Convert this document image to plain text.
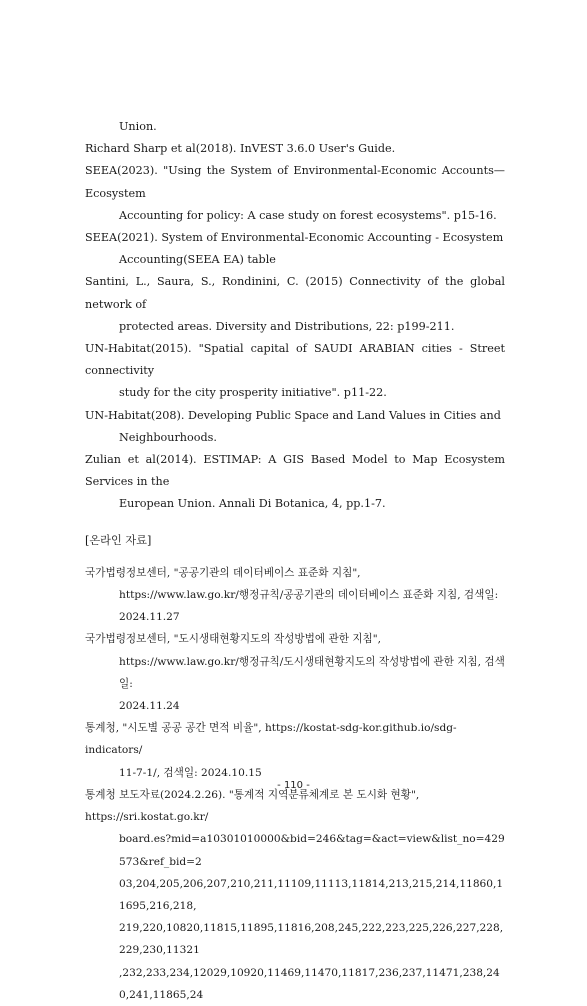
Union.
Richard Sharp et al(2018). InVEST 3.6.0 User's Guide.
SEEA(2023). "Using the System of Environmental-Economic Accounts—Ecosystem
Accounting for policy: A case study on forest ecosystems". p15-16.
SEEA(2021). System of Environmental-Economic Accounting - Ecosystem
Accounting(SEEA EA) table
Santini, L., Saura, S., Rondinini, C. (2015) Connectivity of the global network of
protected areas. Diversity and Distributions, 22: p199-211.
UN-Habitat(2015). "Spatial capital of SAUDI ARABIAN cities - Street connectivity
study for the city prosperity initiative". p11-22.
UN-Habitat(208). Developing Public Space and Land Values in Cities and
Neighbourhoods.
Zulian et al(2014). ESTIMAP: A GIS Based Model to Map Ecosystem Services in the
European Union. Annali Di Botanica, 4, pp.1-7.
[온라인 자료]
국가법령정보센터, "공공기관의 데이터베이스 표준화 지침",
https://www.law.go.kr/행정규칙/공공기관의 데이터베이스 표준화 지침, 검색일:
2024.11.27
국가법령정보센터, "도시생태현황지도의 작성방법에 관한 지침",
https://www.law.go.kr/행정규칙/도시생태현황지도의 작성방법에 관한 지침, 검색일:
2024.11.24
통계청, "시도별 공공 공간 면적 비율", https://kostat-sdg-kor.github.io/sdg-indicators/
11-7-1/, 검색일: 2024.10.15
통계청 보도자료(2024.2.26). "통계적 지역분류체계로 본 도시화 현황", https://sri.kostat.go.kr/
board.es?mid=a10301010000&bid=246&tag=&act=view&list_no=429573&ref_bid=2
03,204,205,206,207,210,211,11109,11113,11814,213,215,214,11860,11695,216,218,
219,220,10820,11815,11895,11816,208,245,222,223,225,226,227,228,229,230,11321
,232,233,234,12029,10920,11469,11470,11817,236,237,11471,238,240,241,11865,24
- 110 -
